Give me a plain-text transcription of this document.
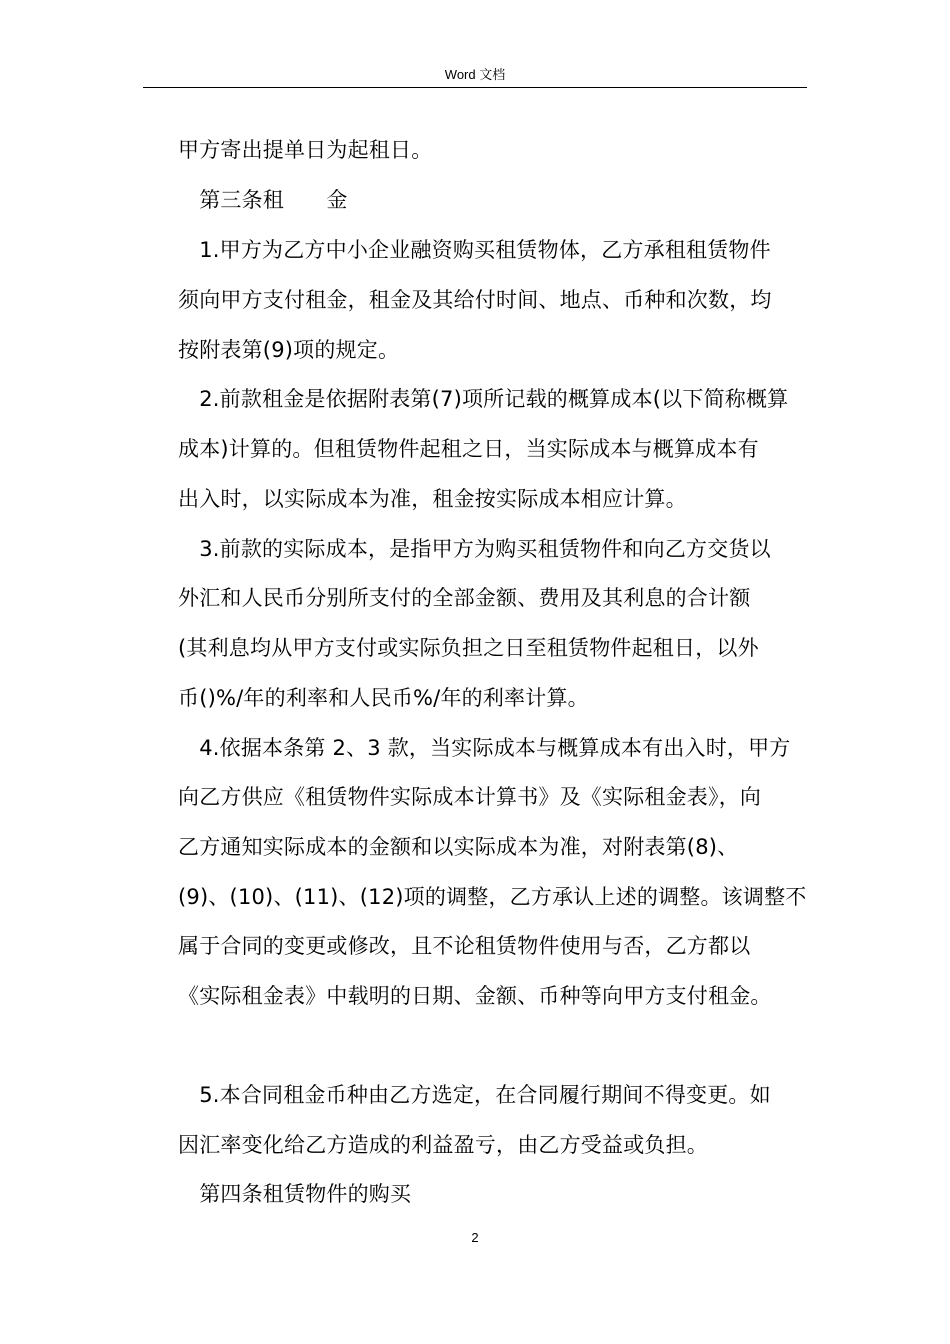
Word 文档
甲方寄出提单日为起租日。
　第三条租　　金
　1.甲方为乙方中小企业融资购买租赁物体，乙方承租租赁物件
须向甲方支付租金，租金及其给付时间、地点、币种和次数，均
按附表第(9)项的规定。
　2.前款租金是依据附表第(7)项所记载的概算成本(以下简称概算
成本)计算的。但租赁物件起租之日，当实际成本与概算成本有
出入时，以实际成本为准，租金按实际成本相应计算。
　3.前款的实际成本，是指甲方为购买租赁物件和向乙方交货以
外汇和人民币分别所支付的全部金额、费用及其利息的合计额
(其利息均从甲方支付或实际负担之日至租赁物件起租日，以外
币()%/年的利率和人民币%/年的利率计算。
　4.依据本条第 2、3 款，当实际成本与概算成本有出入时，甲方
向乙方供应《租赁物件实际成本计算书》及《实际租金表》，向
乙方通知实际成本的金额和以实际成本为准，对附表第(8)、
(9)、(10)、(11)、(12)项的调整，乙方承认上述的调整。该调整不
属于合同的变更或修改，且不论租赁物件使用与否，乙方都以
《实际租金表》中载明的日期、金额、币种等向甲方支付租金。
　5.本合同租金币种由乙方选定，在合同履行期间不得变更。如
因汇率变化给乙方造成的利益盈亏，由乙方受益或负担。
　第四条租赁物件的购买
2
